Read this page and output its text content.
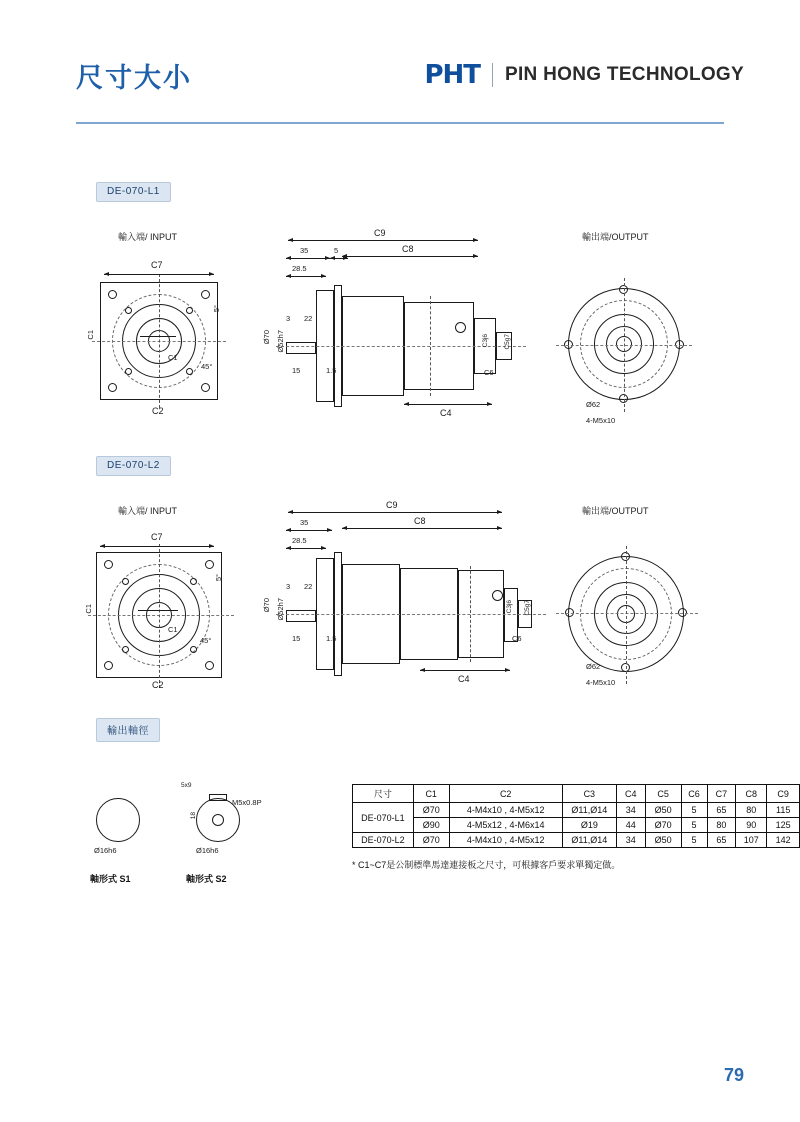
尺寸大小	PHT PIN HONG TECHNOLOGY
DE-070-L1
輸入端/ INPUT	輸出端/OUTPUT
C7
C2
C1
C1
45°
5°
35	5
28.5
C9
C8
3 22
15	1.5
Ø70 Ø52h7	C3j6 C5g7
C6
C4
Ø62
4-M5x10
DE-070-L2
輸入端/ INPUT	輸出端/OUTPUT
C7
C2
C1
C1
45°
5°
35
28.5
C9
C8
3 22
15	1.5
Ø70 Ø52h7	C3j6 C5g7
C6
C4
Ø62
4-M5x10
輸出軸徑
Ø16h6
軸形式 S1
Ø16h6
5x9
M5x0.8P
18
軸形式 S2
尺寸	C1	C2	C3	C4	C5	C6	C7	C8	C9
DE-070-L1	Ø70	4-M4x10 , 4-M5x12	Ø11,Ø14	34	Ø50	5	65	80	115
	Ø90	4-M5x12 , 4-M6x14	Ø19	44	Ø70	5	80	90	125
DE-070-L2	Ø70	4-M4x10 , 4-M5x12	Ø11,Ø14	34	Ø50	5	65	107	142
* C1~C7是公制標準馬達連接板之尺寸，可根據客戶要求單獨定做。
79
